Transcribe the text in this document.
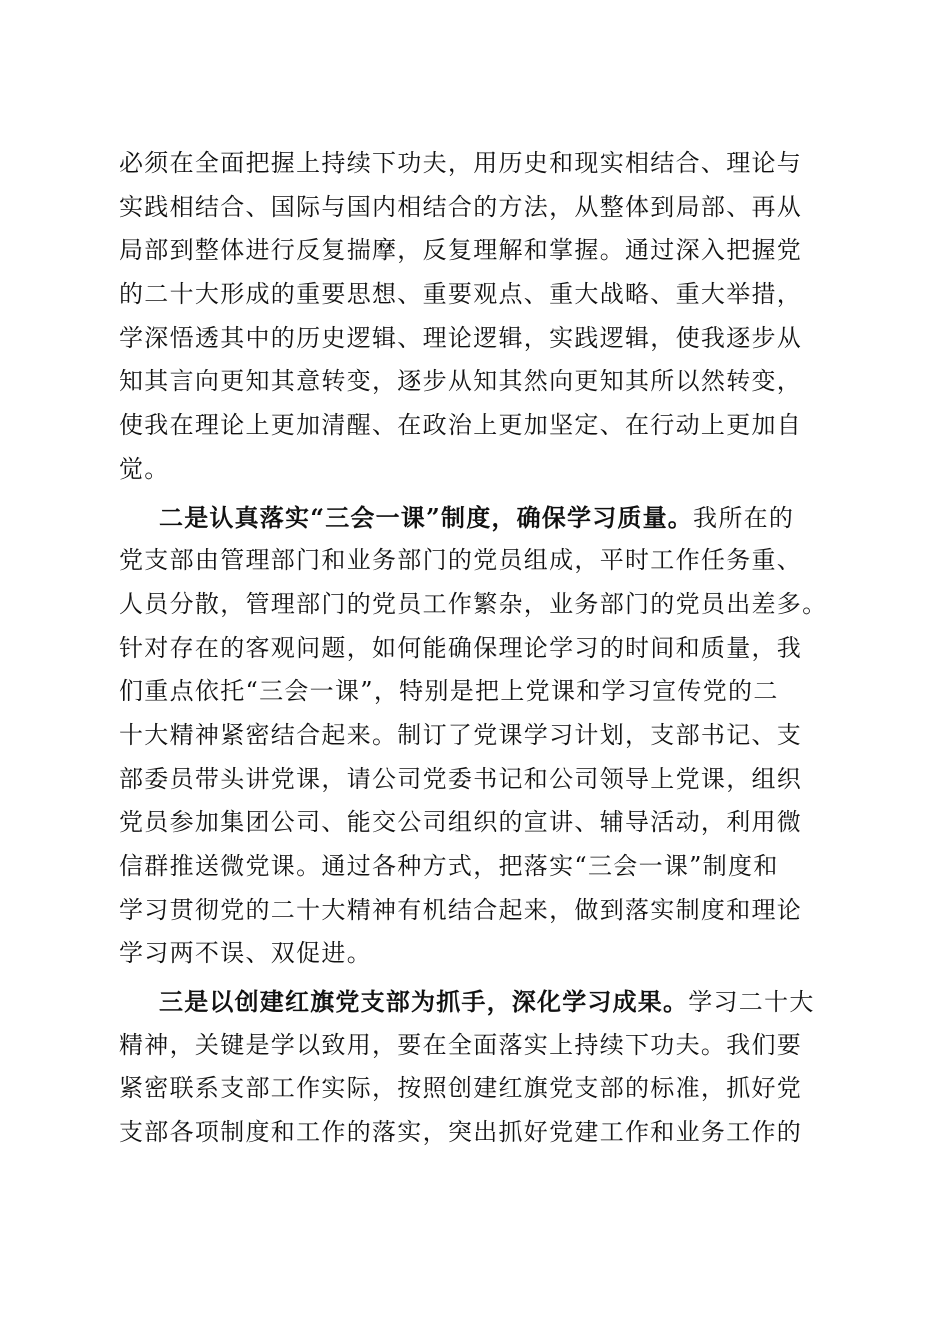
必须在全面把握上持续下功夫，用历史和现实相结合、理论与
实践相结合、国际与国内相结合的方法，从整体到局部、再从
局部到整体进行反复揣摩，反复理解和掌握。通过深入把握党
的二十大形成的重要思想、重要观点、重大战略、重大举措，
学深悟透其中的历史逻辑、理论逻辑，实践逻辑，使我逐步从
知其言向更知其意转变，逐步从知其然向更知其所以然转变，
使我在理论上更加清醒、在政治上更加坚定、在行动上更加自
觉。
二是认真落实“三会一课”制度，确保学习质量。我所在的
党支部由管理部门和业务部门的党员组成，平时工作任务重、
人员分散，管理部门的党员工作繁杂，业务部门的党员出差多。
针对存在的客观问题，如何能确保理论学习的时间和质量，我
们重点依托“三会一课”，特别是把上党课和学习宣传党的二
十大精神紧密结合起来。制订了党课学习计划，支部书记、支
部委员带头讲党课，请公司党委书记和公司领导上党课，组织
党员参加集团公司、能交公司组织的宣讲、辅导活动，利用微
信群推送微党课。通过各种方式，把落实“三会一课”制度和
学习贯彻党的二十大精神有机结合起来，做到落实制度和理论
学习两不误、双促进。
三是以创建红旗党支部为抓手，深化学习成果。学习二十大
精神，关键是学以致用，要在全面落实上持续下功夫。我们要
紧密联系支部工作实际，按照创建红旗党支部的标准，抓好党
支部各项制度和工作的落实，突出抓好党建工作和业务工作的
